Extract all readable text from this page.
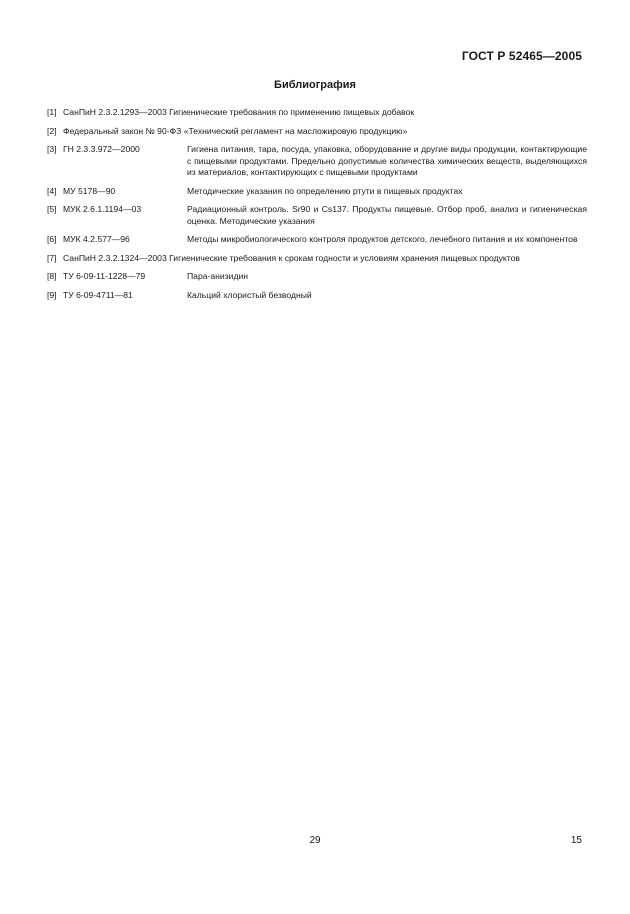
ГОСТ Р 52465—2005
Библиография
[1] СанПиН 2.3.2.1293—2003 Гигиенические требования по применению пищевых добавок
[2] Федеральный закон № 90-ФЗ «Технический регламент на масложировую продукцию»
[3] ГН 2.3.3.972—2000	Гигиена питания, тара, посуда, упаковка, оборудование и другие виды продукции, контактирующие с пищевыми продуктами. Предельно допустимые количества химических веществ, выделяющихся из материалов, контактирующих с пищевыми продуктами
[4] МУ 5178—90	Методические указания по определению ртути в пищевых продуктах
[5] МУК 2.6.1.1194—03	Радиационный контроль. Sr90 и Cs137. Продукты пищевые. Отбор проб, анализ и гигиеническая оценка. Методические указания
[6] МУК 4.2.577—96	Методы микробиологического контроля продуктов детского, лечебного питания и их компонентов
[7] СанПиН 2.3.2.1324—2003 Гигиенические требования к срокам годности и условиям хранения пищевых продуктов
[8] ТУ 6-09-11-1228—79	Пара-анизидин
[9] ТУ 6-09-4711—81	Кальций хлористый безводный
29	15
